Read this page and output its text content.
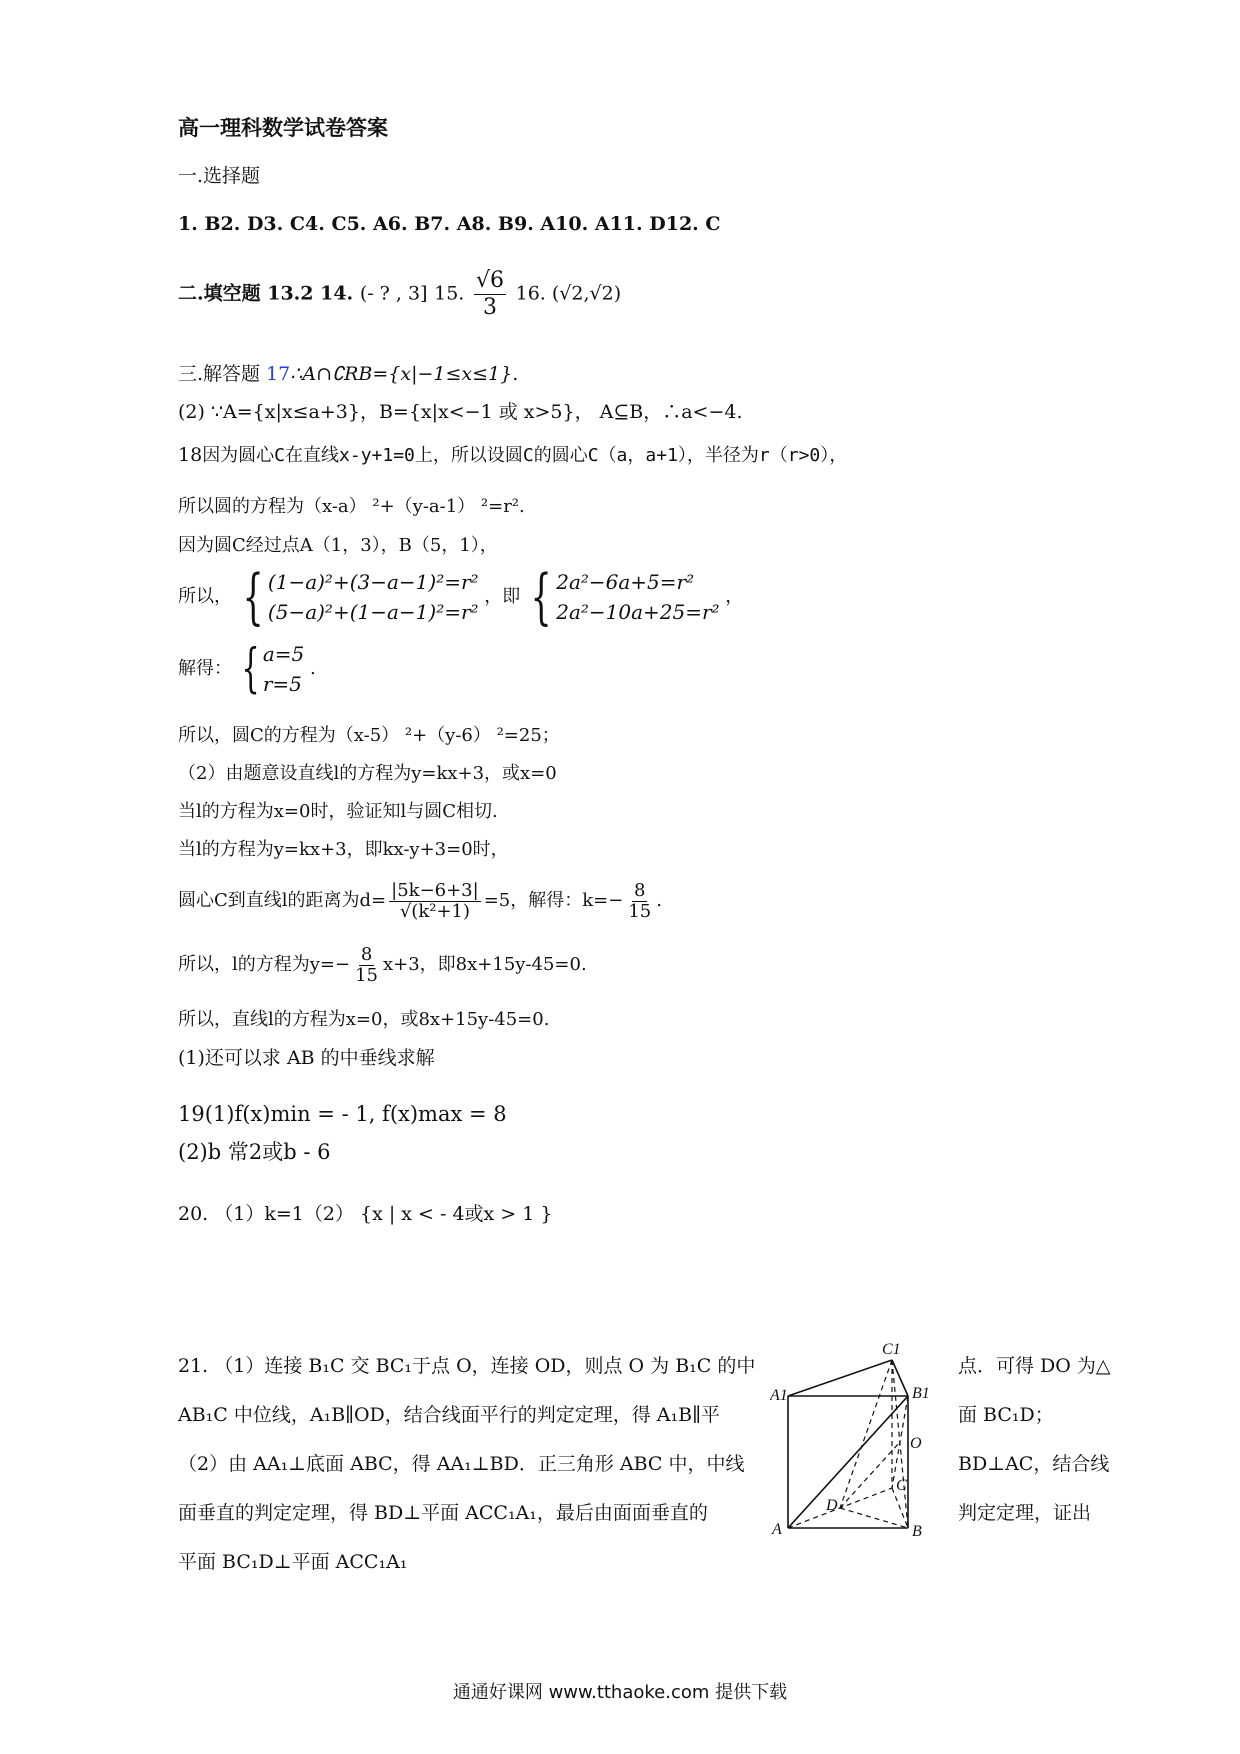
高一理科数学试卷答案
一.选择题
1. B2. D3. C4. C5. A6. B7. A8. B9. A10. A11. D12. C
二.填空题 13.2 14. (- ? , 3] 15. $\frac{√6}{3} 16$. (√2,√2)
三.解答题 17∴A∩∁RB={x|−1≤x≤1}.
(2) ∵A={x|x≤a+3}，B={x|x<−1 或 x>5}， A⊆B，∴a<−4.
18因为圆心C在直线x-y+1=0上，所以设圆C的圆心C（a，a+1），半径为r（r>0），
所以圆的方程为（x-a） ²+（y-a-1） ²=r².
因为圆C经过点A（1，3），B（5，1），
所以， { (1−a)²+(3−a−1)²=r²
(5−a)²+(1−a−1)²=r²
，即 { 2a²−6a+5=r²
2a²−10a+25=r²
，
解得： { a=5
r=5
.
所以，圆C的方程为（x-5） ²+（y-6） ²=25；
（2）由题意设直线l的方程为y=kx+3，或x=0
当l的方程为x=0时，验证知l与圆C相切.
当l的方程为y=kx+3，即kx-y+3=0时，
圆心C到直线l的距离为$d= \frac{|5k-6+3|}{\text{√(k²+1)}} =5$，解得：$k=- \frac{8}{15}$ .
所以，l的方程为$y=- \frac{8}{15} x+3$，即8x+15y-45=0.
所以，直线l的方程为x=0，或8x+15y-45=0.
(1)还可以求 AB 的中垂线求解
19(1)f(x)min = - 1, f(x)max = 8
(2)b 常2或b - 6
20. （1）k=1（2） {x | x < - 4或x > 1 }
21. （1）连接 B₁C 交 BC₁于点 O，连接 OD，则点 O 为 B₁C 的中
AB₁C 中位线，A₁B∥OD，结合线面平行的判定定理，得 A₁B∥平
（2）由 AA₁⊥底面 ABC，得 AA₁⊥BD．正三角形 ABC 中，中线
面垂直的判定定理，得 BD⊥平面 ACC₁A₁，最后由面面垂直的
平面 BC₁D⊥平面 ACC₁A₁
点．可得 DO 为△
面 BC₁D；
BD⊥AC，结合线
判定定理，证出
C1
A1	B1
O
C
D
A	B
通通好课网 www.tthaoke.com 提供下载
